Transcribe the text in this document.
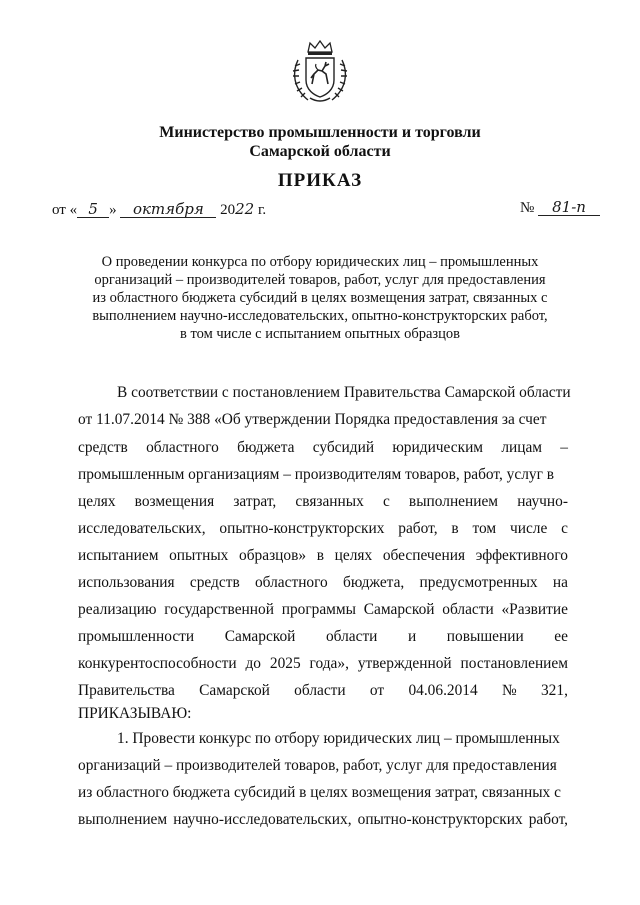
Министерство промышленности и торговли
Самарской области
ПРИКАЗ
от « 5 » октября 2022 г.	№ 81-п
О проведении конкурса по отбору юридических лиц – промышленных
организаций – производителей товаров, работ, услуг для предоставления
из областного бюджета субсидий в целях возмещения затрат, связанных с
выполнением научно-исследовательских, опытно-конструкторских работ,
в том числе с испытанием опытных образцов
В соответствии с постановлением Правительства Самарской области
от 11.07.2014 № 388 «Об утверждении Порядка предоставления за счет
средств областного бюджета субсидий юридическим лицам –
промышленным организациям – производителям товаров, работ, услуг в
целях возмещения затрат, связанных с выполнением научно-
исследовательских, опытно-конструкторских работ, в том числе с
испытанием опытных образцов» в целях обеспечения эффективного
использования средств областного бюджета, предусмотренных на
реализацию государственной программы Самарской области «Развитие
промышленности Самарской области и повышении ее
конкурентоспособности до 2025 года», утвержденной постановлением
Правительства Самарской области от 04.06.2014 № 321,
ПРИКАЗЫВАЮ:
1. Провести конкурс по отбору юридических лиц – промышленных
организаций – производителей товаров, работ, услуг для предоставления
из областного бюджета субсидий в целях возмещения затрат, связанных с
выполнением научно-исследовательских, опытно-конструкторских работ,
